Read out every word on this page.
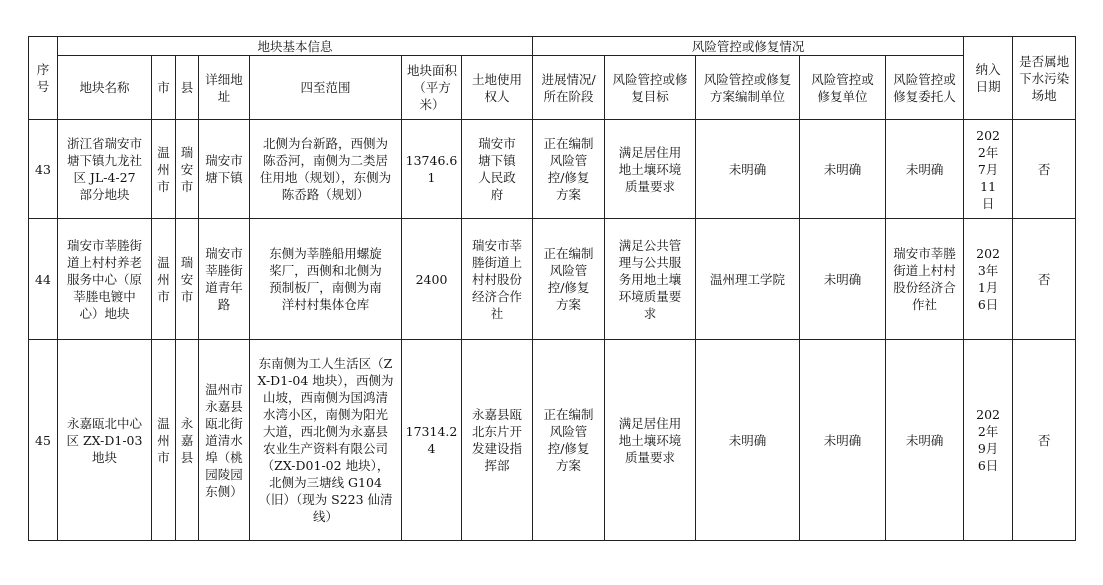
序号	地块基本信息							风险管控或修复情况					纳入日期	是否属地下水污染场地

	地块名称	市	县	详细地址	四至范围	地块面积（平方米）	土地使用权人	进展情况/所在阶段	风险管控或修复目标	风险管控或修复方案编制单位	风险管控或修复单位	风险管控或修复委托人		

43	浙江省瑞安市塘下镇九龙社区 JL-4-27 部分地块	温州市	瑞安市	瑞安市塘下镇	北侧为台新路，西侧为陈岙河，南侧为二类居住用地（规划），东侧为陈岙路（规划）	13746.61	瑞安市塘下镇人民政府	正在编制风险管控/修复方案	满足居住用地土壤环境质量要求	未明确	未明确	未明确	2022年7月11日	否
44	瑞安市莘塍街道上村村养老服务中心（原莘塍电镀中心）地块	温州市	瑞安市	瑞安市莘塍街道青年路	东侧为莘塍船用螺旋桨厂，西侧和北侧为预制板厂，南侧为南洋村村集体仓库	2400	瑞安市莘塍街道上村村股份经济合作社	正在编制风险管控/修复方案	满足公共管理与公共服务用地土壤环境质量要求	温州理工学院	未明确	瑞安市莘塍街道上村村股份经济合作社	2023年1月6日	否
45	永嘉瓯北中心区 ZX-D1-03 地块	温州市	永嘉县	温州市永嘉县瓯北街道清水埠（桃园陵园东侧）	东南侧为工人生活区（ZX-D1-04 地块），西侧为山坡，西南侧为国鸿清水湾小区，南侧为阳光大道，西北侧为永嘉县农业生产资料有限公司（ZX-D01-02 地块），北侧为三塘线 G104（旧）（现为 S223 仙清线）	17314.24	永嘉县瓯北东片开发建设指挥部	正在编制风险管控/修复方案	满足居住用地土壤环境质量要求	未明确	未明确	未明确	2022年9月6日	否
